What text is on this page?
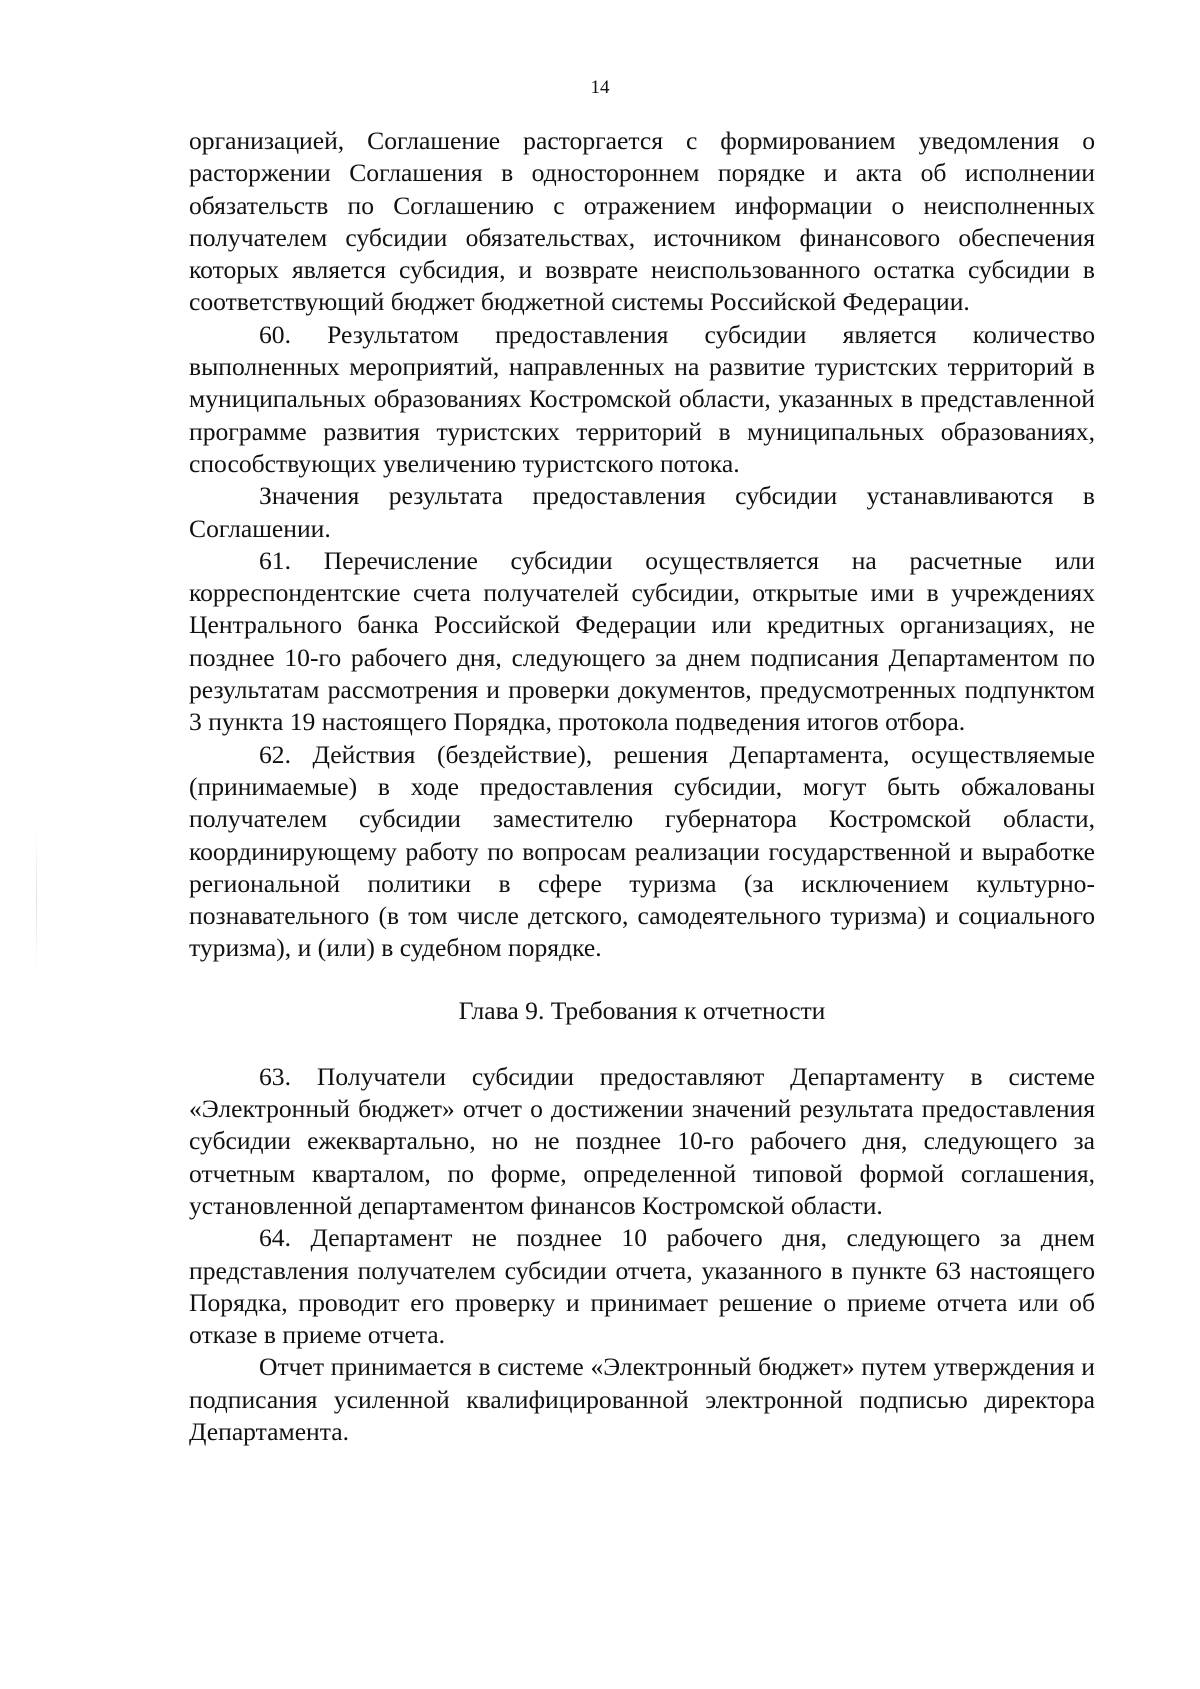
14

организацией, Соглашение расторгается с формированием уведомления о расторжении Соглашения в одностороннем порядке и акта об исполнении обязательств по Соглашению с отражением информации о неисполненных получателем субсидии обязательствах, источником финансового обеспечения которых является субсидия, и возврате неиспользованного остатка субсидии в соответствующий бюджет бюджетной системы Российской Федерации.

60. Результатом предоставления субсидии является количество выполненных мероприятий, направленных на развитие туристских территорий в муниципальных образованиях Костромской области, указанных в представленной программе развития туристских территорий в муниципальных образованиях, способствующих увеличению туристского потока.

Значения результата предоставления субсидии устанавливаются в Соглашении.

61. Перечисление субсидии осуществляется на расчетные или корреспондентские счета получателей субсидии, открытые ими в учреждениях Центрального банка Российской Федерации или кредитных организациях, не позднее 10-го рабочего дня, следующего за днем подписания Департаментом по результатам рассмотрения и проверки документов, предусмотренных подпунктом 3 пункта 19 настоящего Порядка, протокола подведения итогов отбора.

62. Действия (бездействие), решения Департамента, осуществляемые (принимаемые) в ходе предоставления субсидии, могут быть обжалованы получателем субсидии заместителю губернатора Костромской области, координирующему работу по вопросам реализации государственной и выработке региональной политики в сфере туризма (за исключением культурно-познавательного (в том числе детского, самодеятельного туризма) и социального туризма), и (или) в судебном порядке.

Глава 9. Требования к отчетности

63. Получатели субсидии предоставляют Департаменту в системе «Электронный бюджет» отчет о достижении значений результата предоставления субсидии ежеквартально, но не позднее 10-го рабочего дня, следующего за отчетным кварталом, по форме, определенной типовой формой соглашения, установленной департаментом финансов Костромской области.

64. Департамент не позднее 10 рабочего дня, следующего за днем представления получателем субсидии отчета, указанного в пункте 63 настоящего Порядка, проводит его проверку и принимает решение о приеме отчета или об отказе в приеме отчета.

Отчет принимается в системе «Электронный бюджет» путем утверждения и подписания усиленной квалифицированной электронной подписью директора Департамента.
